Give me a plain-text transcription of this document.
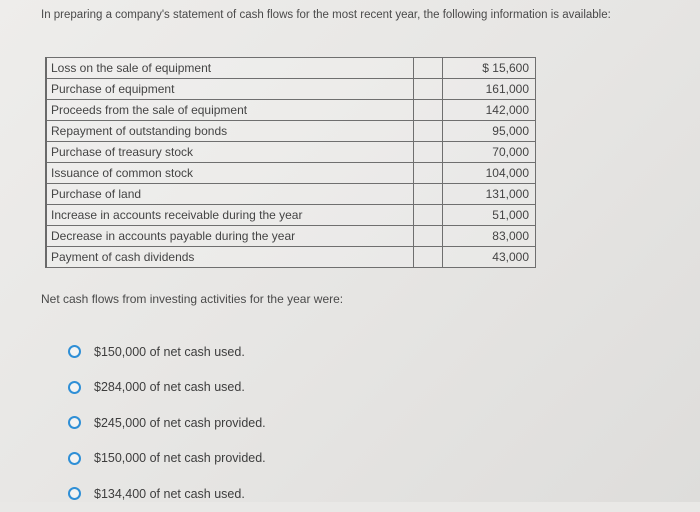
In preparing a company's statement of cash flows for the most recent year, the following information is available:
Loss on the sale of equipment		$ 15,600
Purchase of equipment		161,000
Proceeds from the sale of equipment		142,000
Repayment of outstanding bonds		95,000
Purchase of treasury stock		70,000
Issuance of common stock		104,000
Purchase of land		131,000
Increase in accounts receivable during the year		51,000
Decrease in accounts payable during the year		83,000
Payment of cash dividends		43,000
Net cash flows from investing activities for the year were:
$150,000 of net cash used.
$284,000 of net cash used.
$245,000 of net cash provided.
$150,000 of net cash provided.
$134,400 of net cash used.
